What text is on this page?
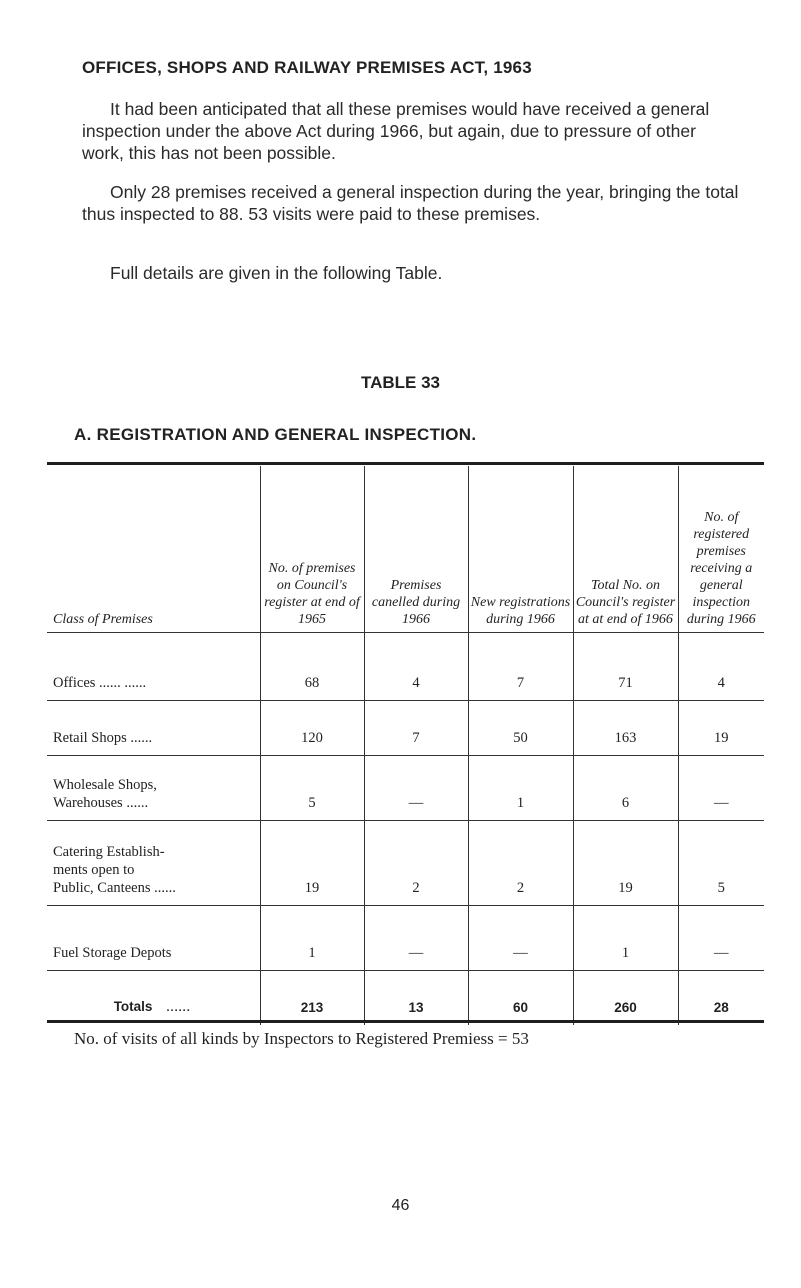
OFFICES, SHOPS AND RAILWAY PREMISES ACT, 1963

It had been anticipated that all these premises would have received a general inspection under the above Act during 1966, but again, due to pressure of other work, this has not been possible.

Only 28 premises received a general inspection during the year, bringing the total thus inspected to 88. 53 visits were paid to these premises.

Full details are given in the following Table.

TABLE 33
A. REGISTRATION AND GENERAL INSPECTION.
Class of Premises	No. of premises on Council's register at end of 1965	Premises canelled during 1966	New registrations during 1966	Total No. on Council's register at at end of 1966	No. of registered premises receiving a general inspection during 1966
Offices ...... ......	68	4	7	71	4
Retail Shops ......	120	7	50	163	19

Wholesale Shops,
Warehouses ......	5	—	1	6	—

Catering Establish-
ments open to
Public, Canteens ......	19	2	2	19	5
Fuel Storage Depots	1	—	—	1	—
Totals ......	213	13	60	260	28
No. of visits of all kinds by Inspectors to Registered Premiess = 53
46
